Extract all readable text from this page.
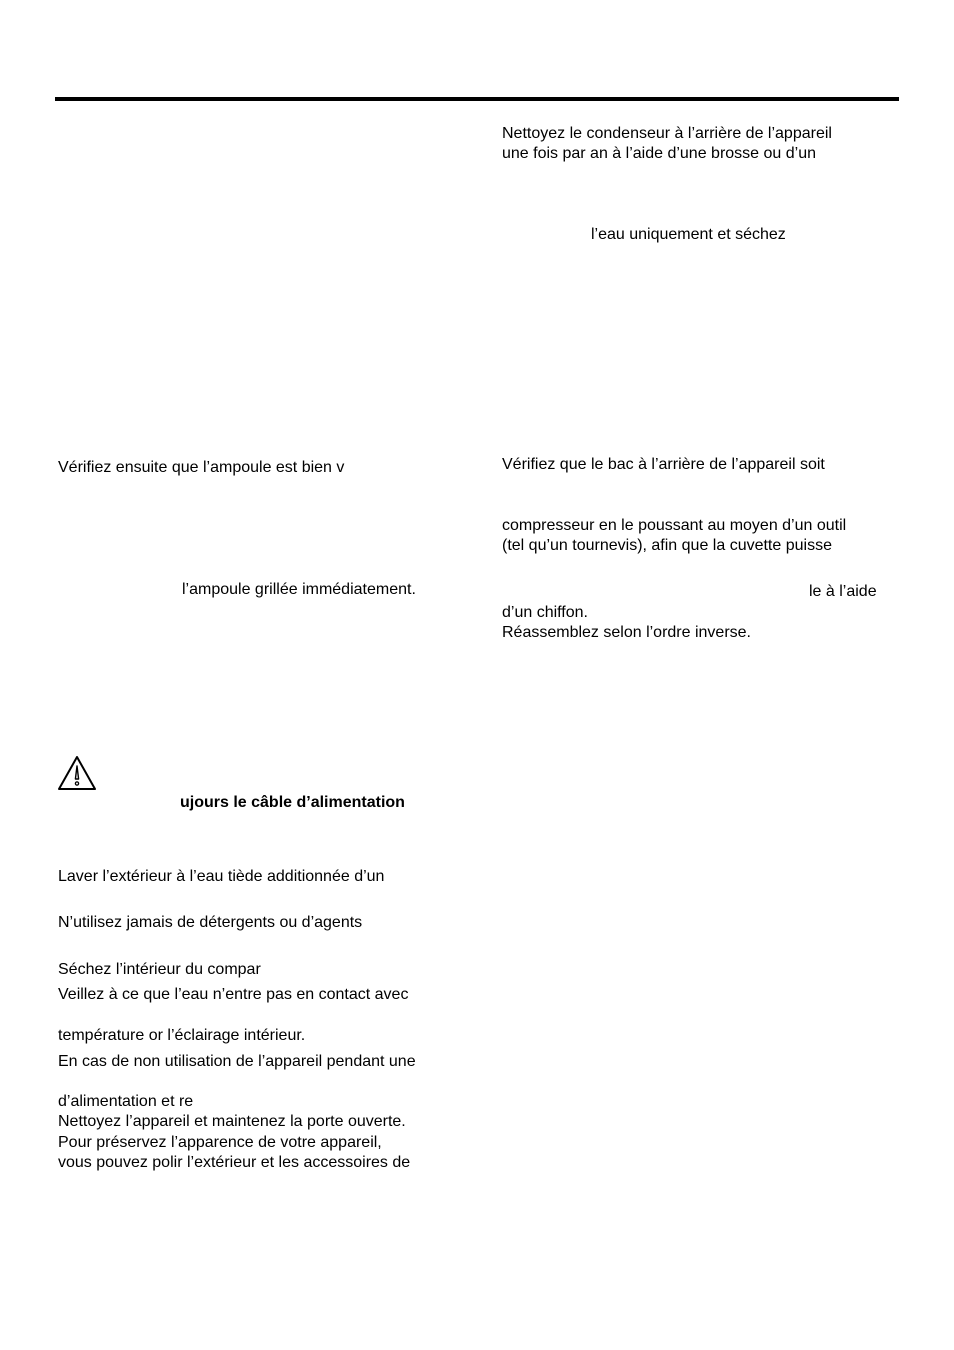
Nettoyez le condenseur à l’arrière de l’appareil
une fois par an à l’aide d’une brosse ou d’un
l’eau uniquement et séchez
Vérifiez que le bac à l’arrière de l’appareil soit
compresseur en le poussant au moyen d’un outil
(tel qu’un tournevis), afin que la cuvette puisse
le à l’aide
d’un chiffon.
Réassemblez selon l’ordre inverse.
Vérifiez ensuite que l’ampoule est bien v
l’ampoule grillée immédiatement.
ujours le câble d’alimentation
Laver l’extérieur à l’eau tiède additionnée d’un
N’utilisez jamais de détergents ou d’agents
Séchez l’intérieur du compar
Veillez à ce que l’eau n’entre pas en contact avec
température or l’éclairage intérieur.
En cas de non utilisation de l’appareil pendant une
d’alimentation et re
Nettoyez l’appareil et maintenez la porte ouverte.
Pour préservez l’apparence de votre appareil,
vous pouvez polir l’extérieur et les accessoires de
